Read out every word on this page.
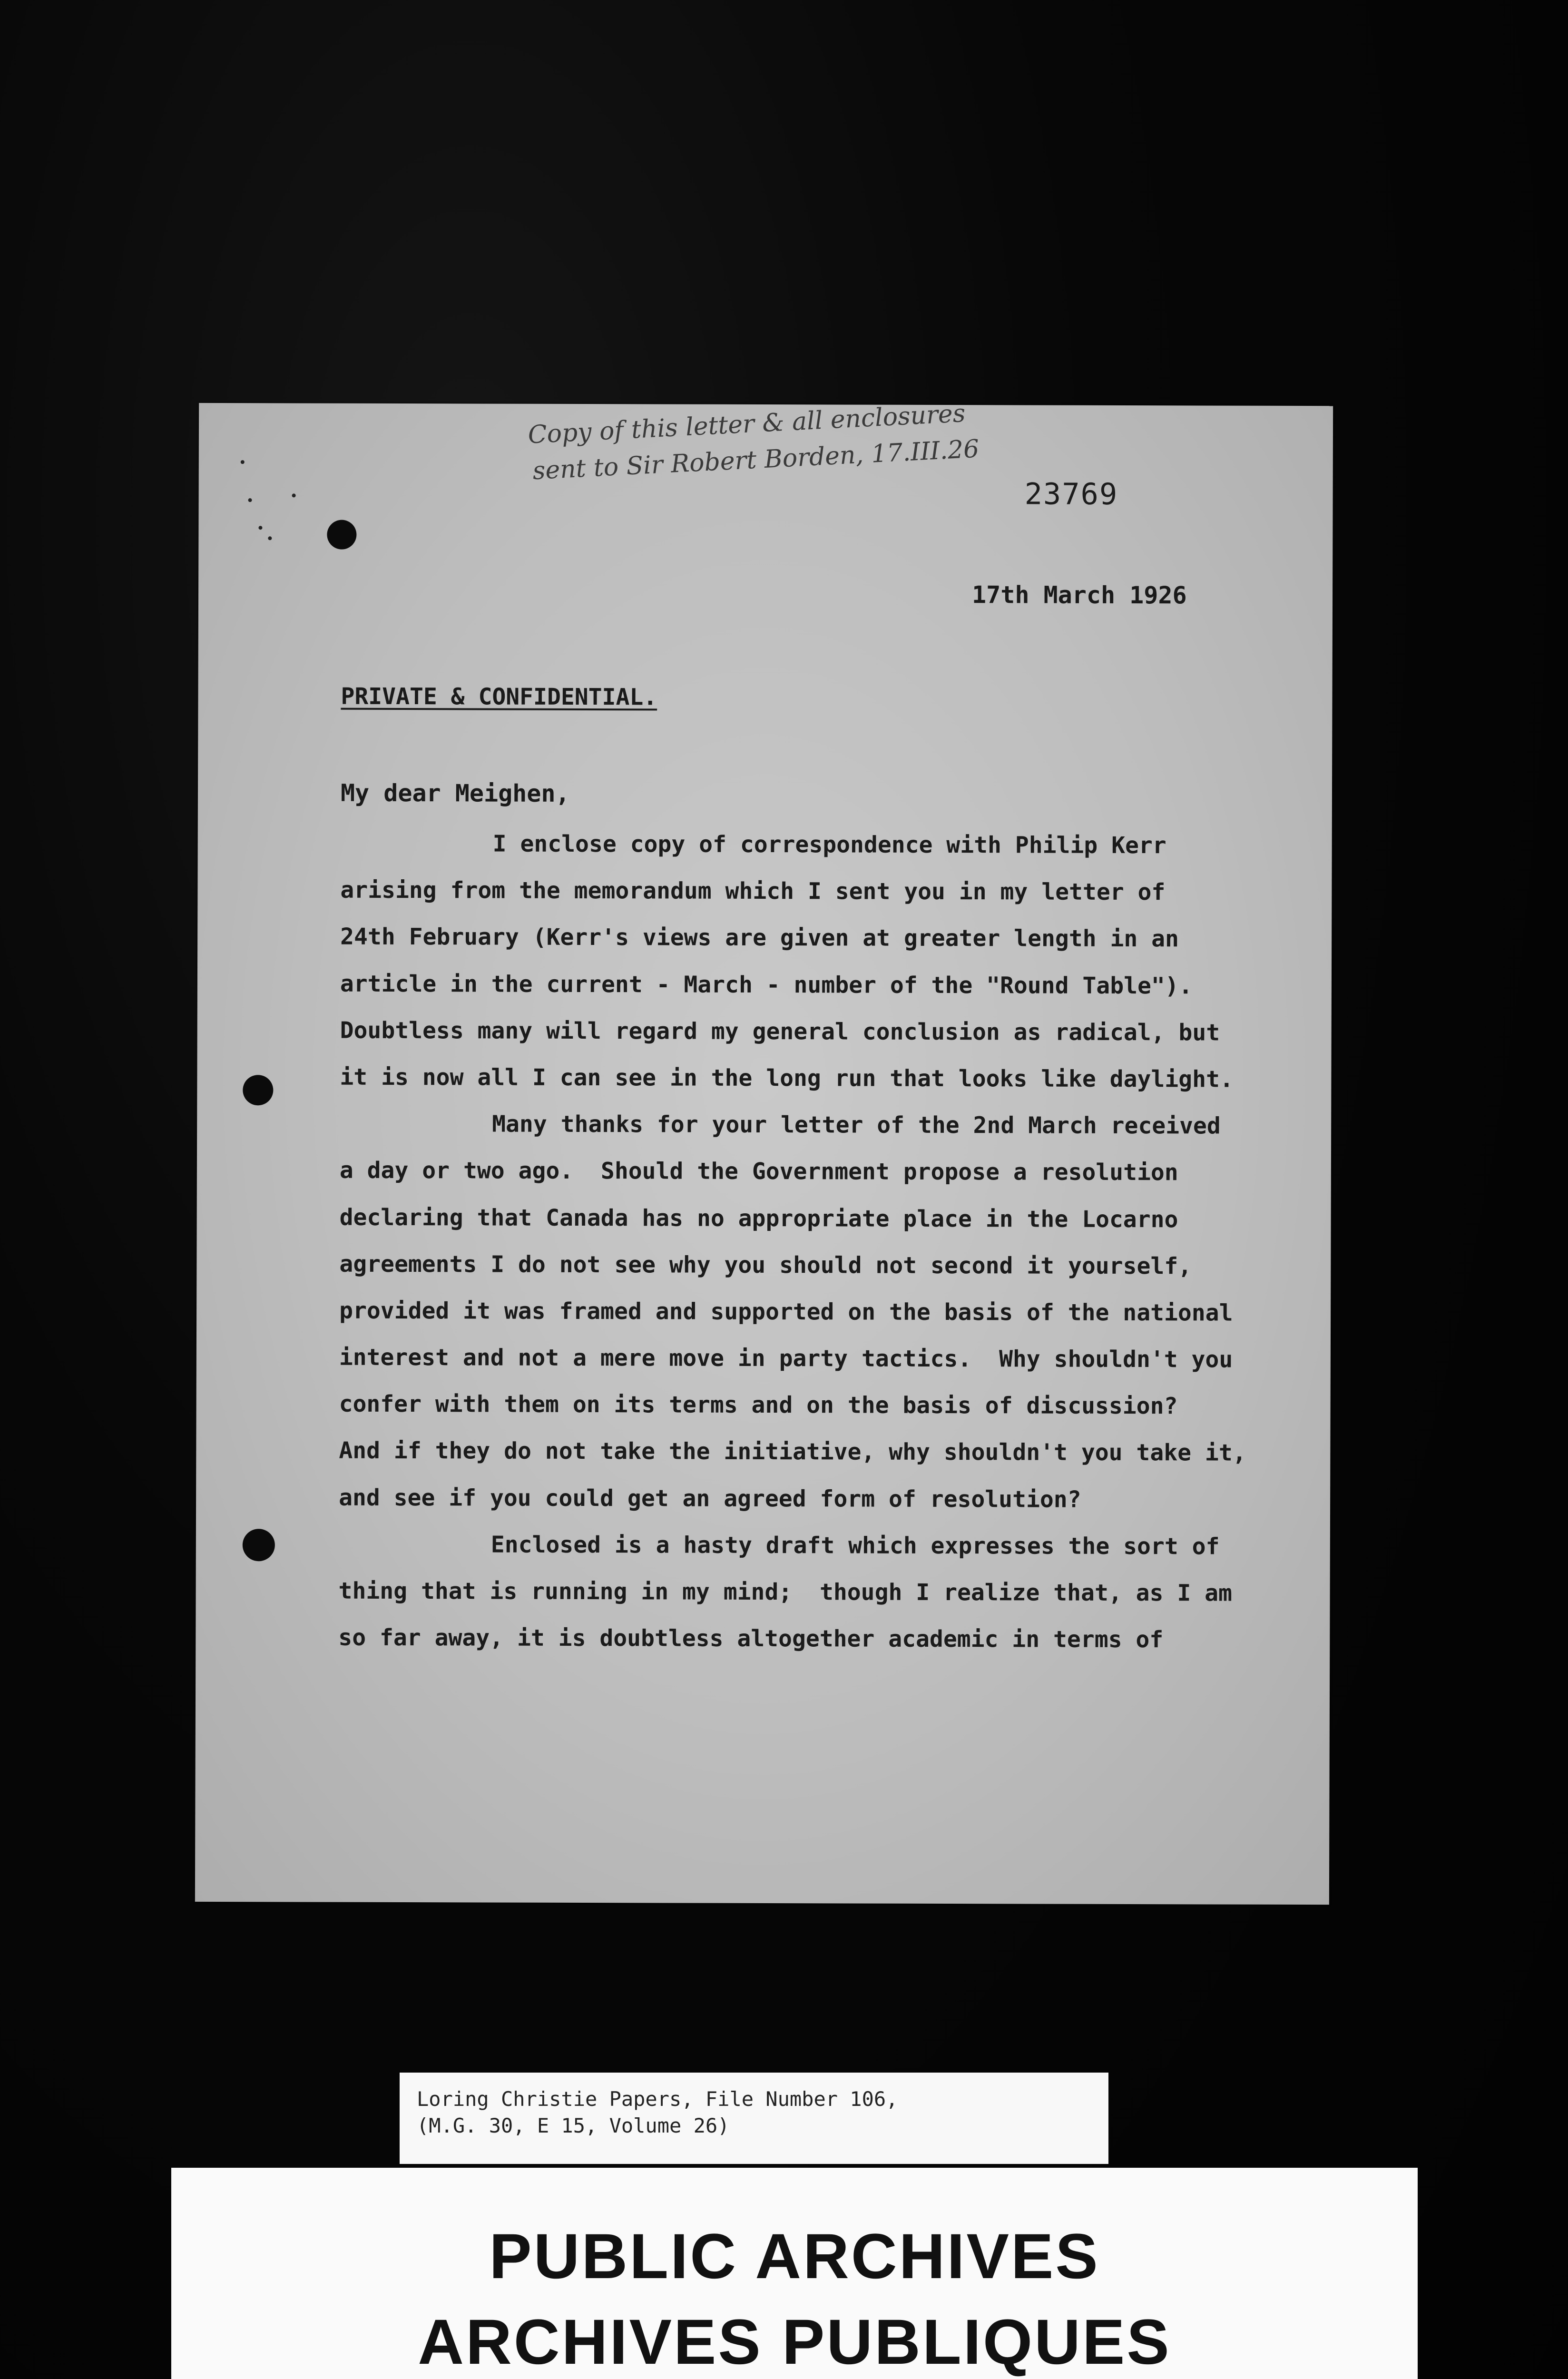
Copy of this letter & all enclosures
sent to Sir Robert Borden, 17.III.26
23769
17th March 1926
PRIVATE & CONFIDENTIAL.
My dear Meighen,
I enclose copy of correspondence with Philip Kerr
arising from the memorandum which I sent you in my letter of
24th February (Kerr's views are given at greater length in an
article in the current - March - number of the "Round Table").
Doubtless many will regard my general conclusion as radical, but
it is now all I can see in the long run that looks like daylight.
Many thanks for your letter of the 2nd March received
a day or two ago.  Should the Government propose a resolution
declaring that Canada has no appropriate place in the Locarno
agreements I do not see why you should not second it yourself,
provided it was framed and supported on the basis of the national
interest and not a mere move in party tactics.  Why shouldn't you
confer with them on its terms and on the basis of discussion?
And if they do not take the initiative, why shouldn't you take it,
and see if you could get an agreed form of resolution?
Enclosed is a hasty draft which expresses the sort of
thing that is running in my mind;  though I realize that, as I am
so far away, it is doubtless altogether academic in terms of
Loring Christie Papers, File Number 106,
(M.G. 30, E 15, Volume 26)
PUBLIC ARCHIVES
ARCHIVES PUBLIQUES
